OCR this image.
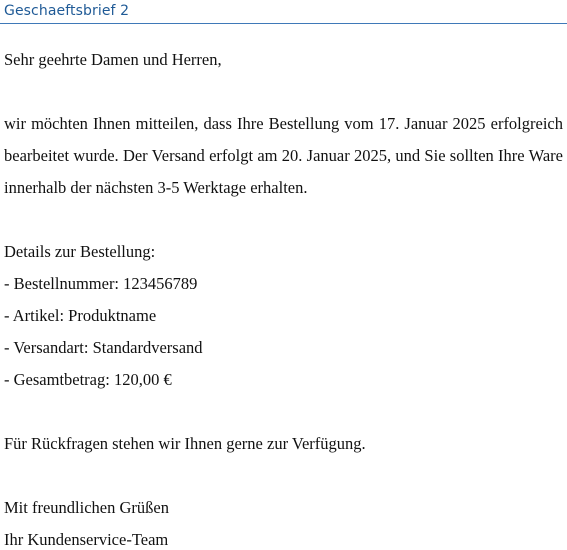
Geschaeftsbrief 2
Sehr geehrte Damen und Herren,
wir möchten Ihnen mitteilen, dass Ihre Bestellung vom 17. Januar 2025 erfolgreich
bearbeitet wurde. Der Versand erfolgt am 20. Januar 2025, und Sie sollten Ihre Ware
innerhalb der nächsten 3-5 Werktage erhalten.
Details zur Bestellung:
- Bestellnummer: 123456789
- Artikel: Produktname
- Versandart: Standardversand
- Gesamtbetrag: 120,00 €
Für Rückfragen stehen wir Ihnen gerne zur Verfügung.
Mit freundlichen Grüßen
Ihr Kundenservice-Team
